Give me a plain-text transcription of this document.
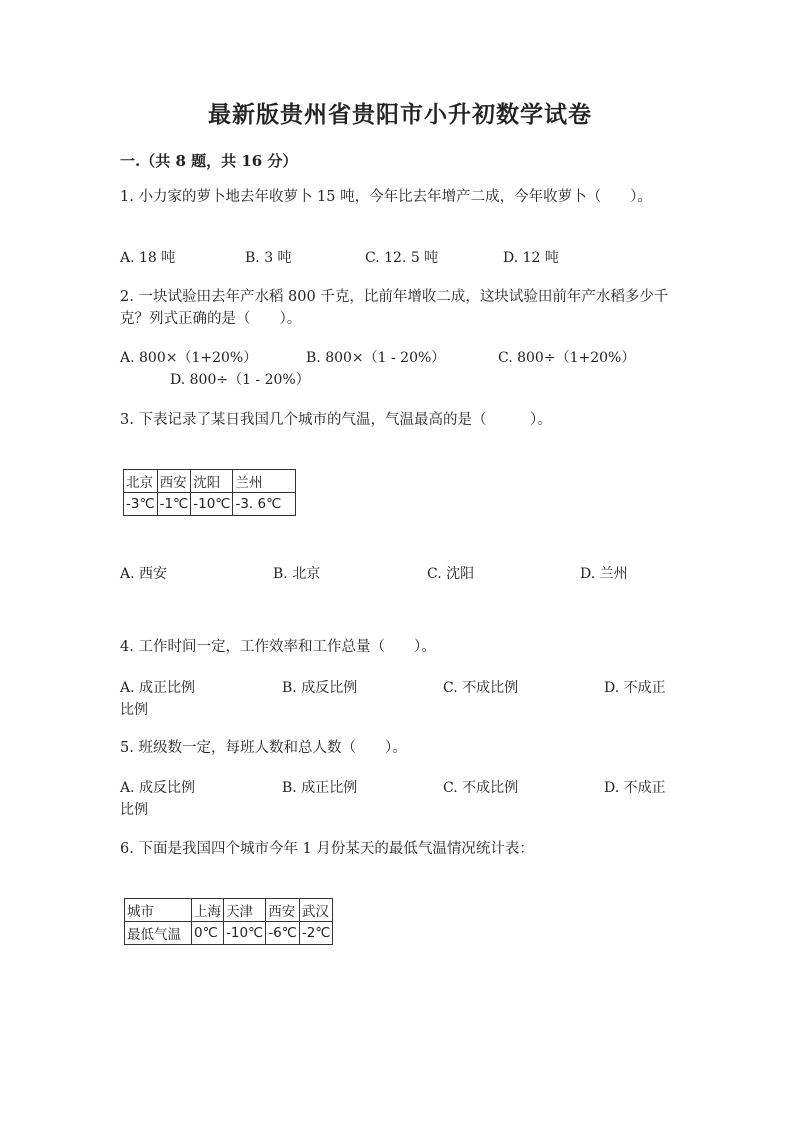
最新版贵州省贵阳市小升初数学试卷
一.（共 8 题，共 16 分）
1. 小力家的萝卜地去年收萝卜 15 吨，今年比去年增产二成，今年收萝卜（　　）。
A. 18 吨	B. 3 吨	C. 12. 5 吨	D. 12 吨
2. 一块试验田去年产水稻 800 千克，比前年增收二成，这块试验田前年产水稻多少千克？列式正确的是（　　）。
A. 800×（1+20%）	B. 800×（1 - 20%）	C. 800÷（1+20%）
D. 800÷（1 - 20%）
3. 下表记录了某日我国几个城市的气温，气温最高的是（　　　）。
北京	西安	沈阳	兰州
-3℃	-1℃	-10℃	-3. 6℃
A. 西安	B. 北京	C. 沈阳	D. 兰州
4. 工作时间一定，工作效率和工作总量（　　）。
A. 成正比例	B. 成反比例	C. 不成比例	D. 不成正
比例
5. 班级数一定，每班人数和总人数（　　）。
A. 成反比例	B. 成正比例	C. 不成比例	D. 不成正
比例
6. 下面是我国四个城市今年 1 月份某天的最低气温情况统计表：
城市	上海	天津	西安	武汉
最低气温	0℃	-10℃	-6℃	-2℃
